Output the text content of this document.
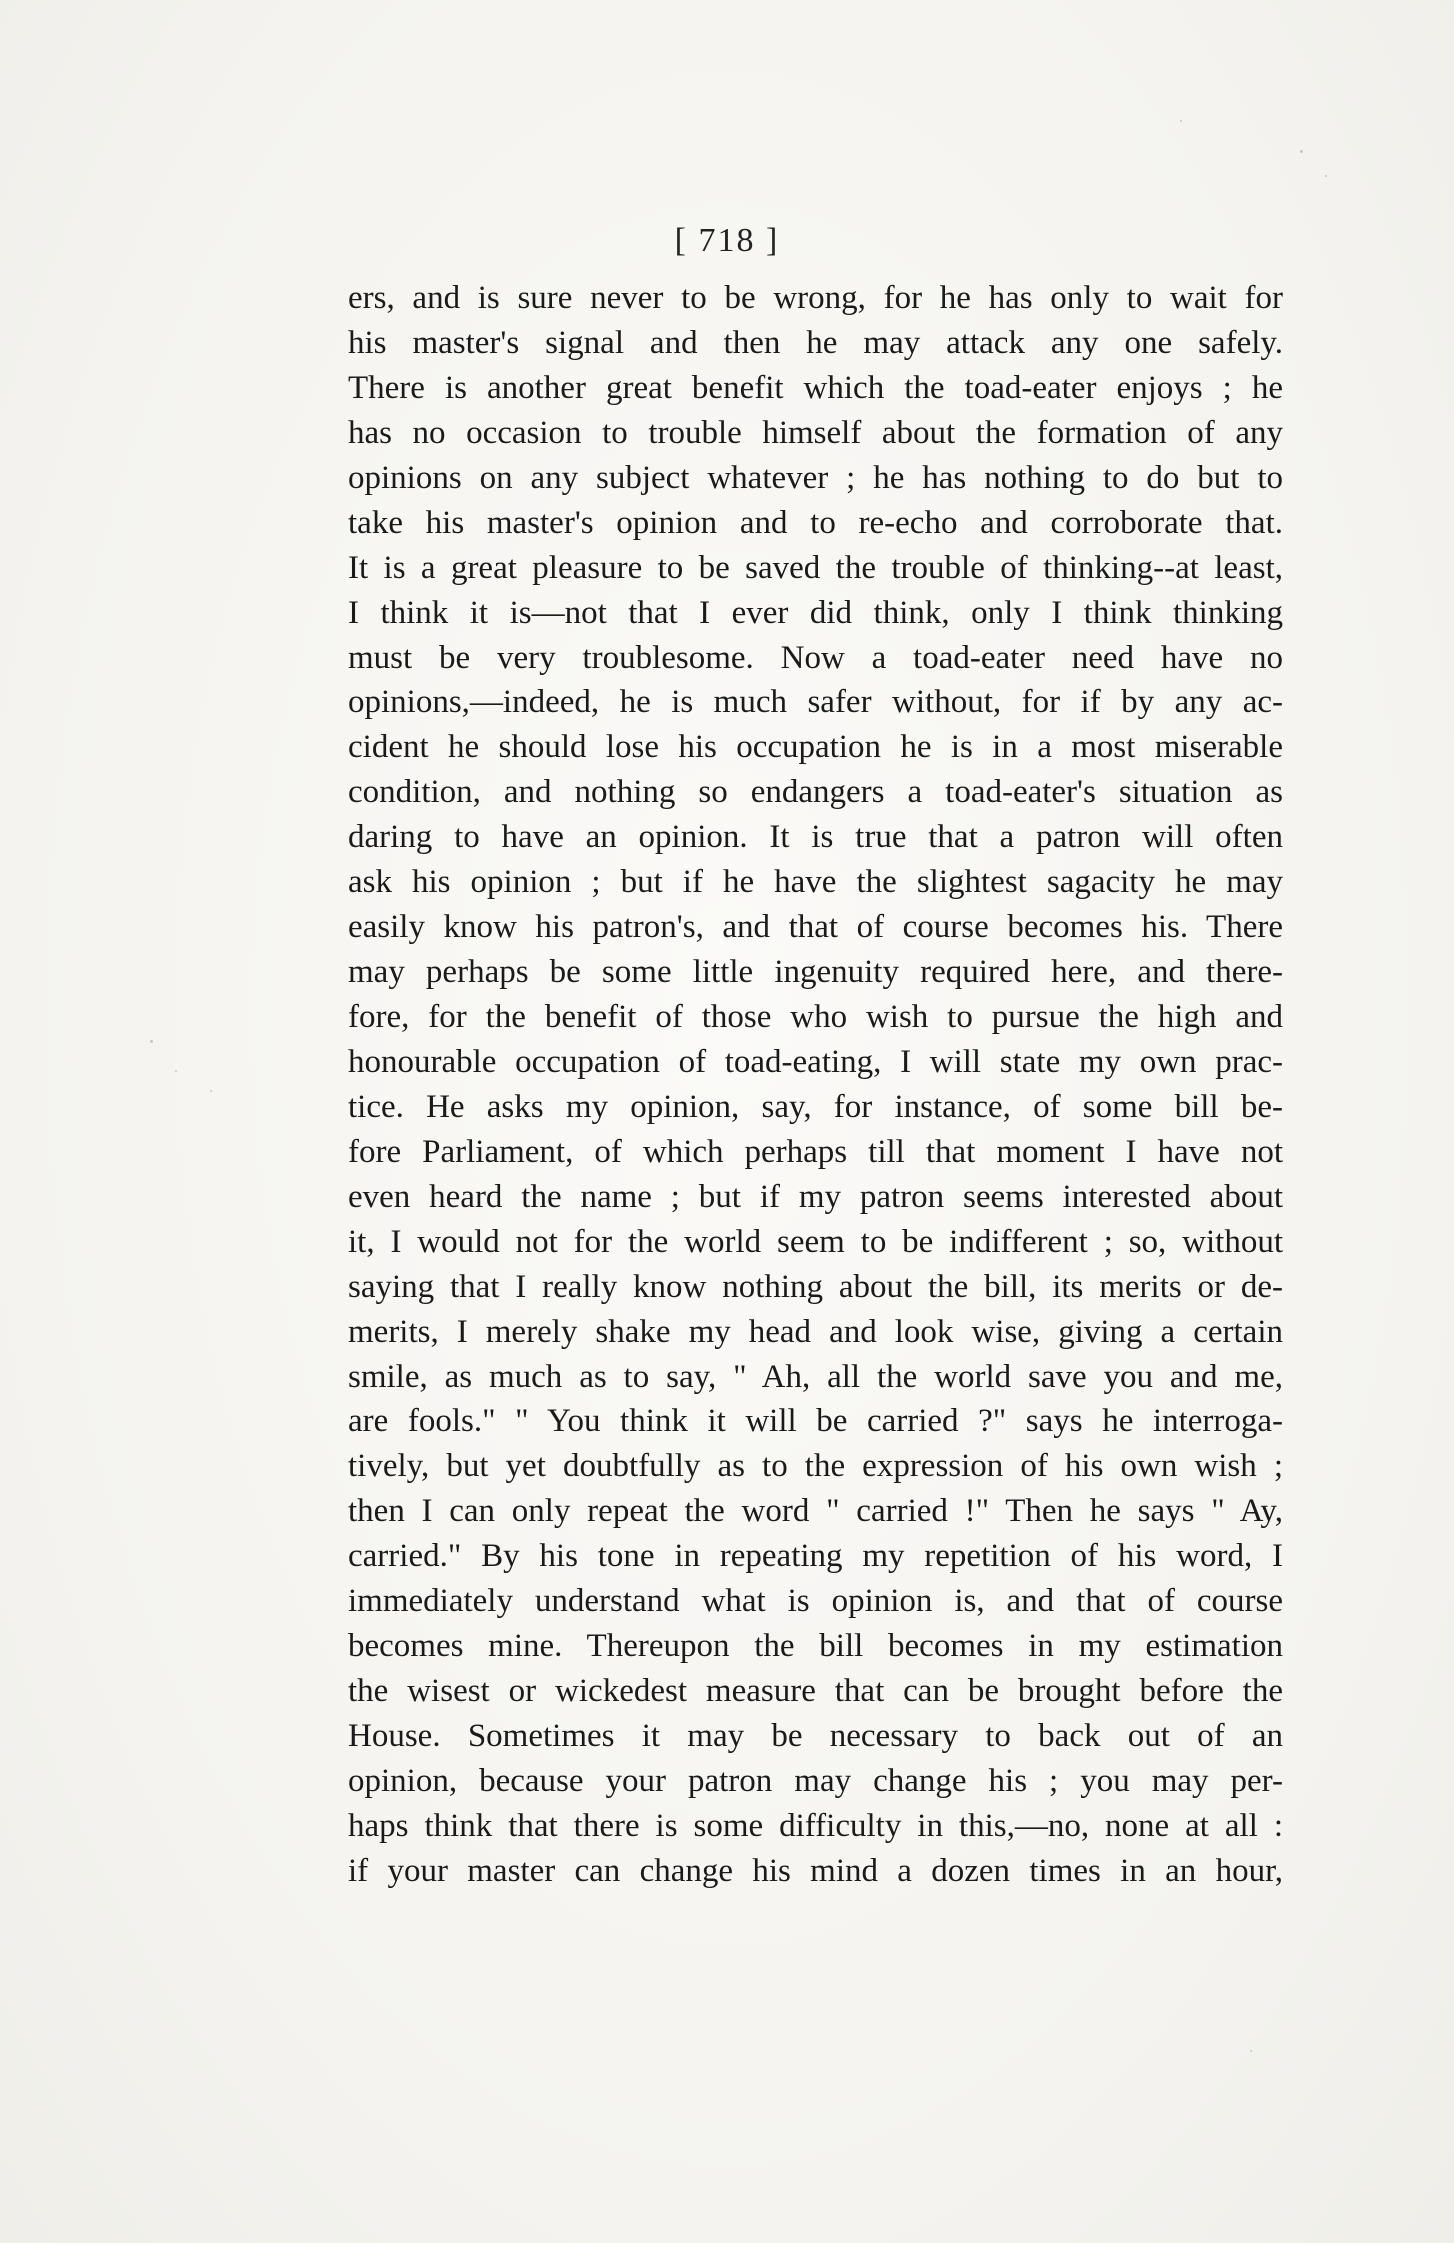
[ 718 ]
ers, and is sure never to be wrong, for he has only to wait for
his master's signal and then he may attack any one safely.
There is another great benefit which the toad-eater enjoys ; he
has no occasion to trouble himself about the formation of any
opinions on any subject whatever ; he has nothing to do but to
take his master's opinion and to re-echo and corroborate that.
It is a great pleasure to be saved the trouble of thinking--at least,
I think it is—not that I ever did think, only I think thinking
must be very troublesome. Now a toad-eater need have no
opinions,—indeed, he is much safer without, for if by any ac-
cident he should lose his occupation he is in a most miserable
condition, and nothing so endangers a toad-eater's situation as
daring to have an opinion. It is true that a patron will often
ask his opinion ; but if he have the slightest sagacity he may
easily know his patron's, and that of course becomes his. There
may perhaps be some little ingenuity required here, and there-
fore, for the benefit of those who wish to pursue the high and
honourable occupation of toad-eating, I will state my own prac-
tice. He asks my opinion, say, for instance, of some bill be-
fore Parliament, of which perhaps till that moment I have not
even heard the name ; but if my patron seems interested about
it, I would not for the world seem to be indifferent ; so, without
saying that I really know nothing about the bill, its merits or de-
merits, I merely shake my head and look wise, giving a certain
smile, as much as to say, " Ah, all the world save you and me,
are fools." " You think it will be carried ?" says he interroga-
tively, but yet doubtfully as to the expression of his own wish ;
then I can only repeat the word " carried !" Then he says " Ay,
carried." By his tone in repeating my repetition of his word, I
immediately understand what is opinion is, and that of course
becomes mine. Thereupon the bill becomes in my estimation
the wisest or wickedest measure that can be brought before the
House. Sometimes it may be necessary to back out of an
opinion, because your patron may change his ; you may per-
haps think that there is some difficulty in this,—no, none at all :
if your master can change his mind a dozen times in an hour,
